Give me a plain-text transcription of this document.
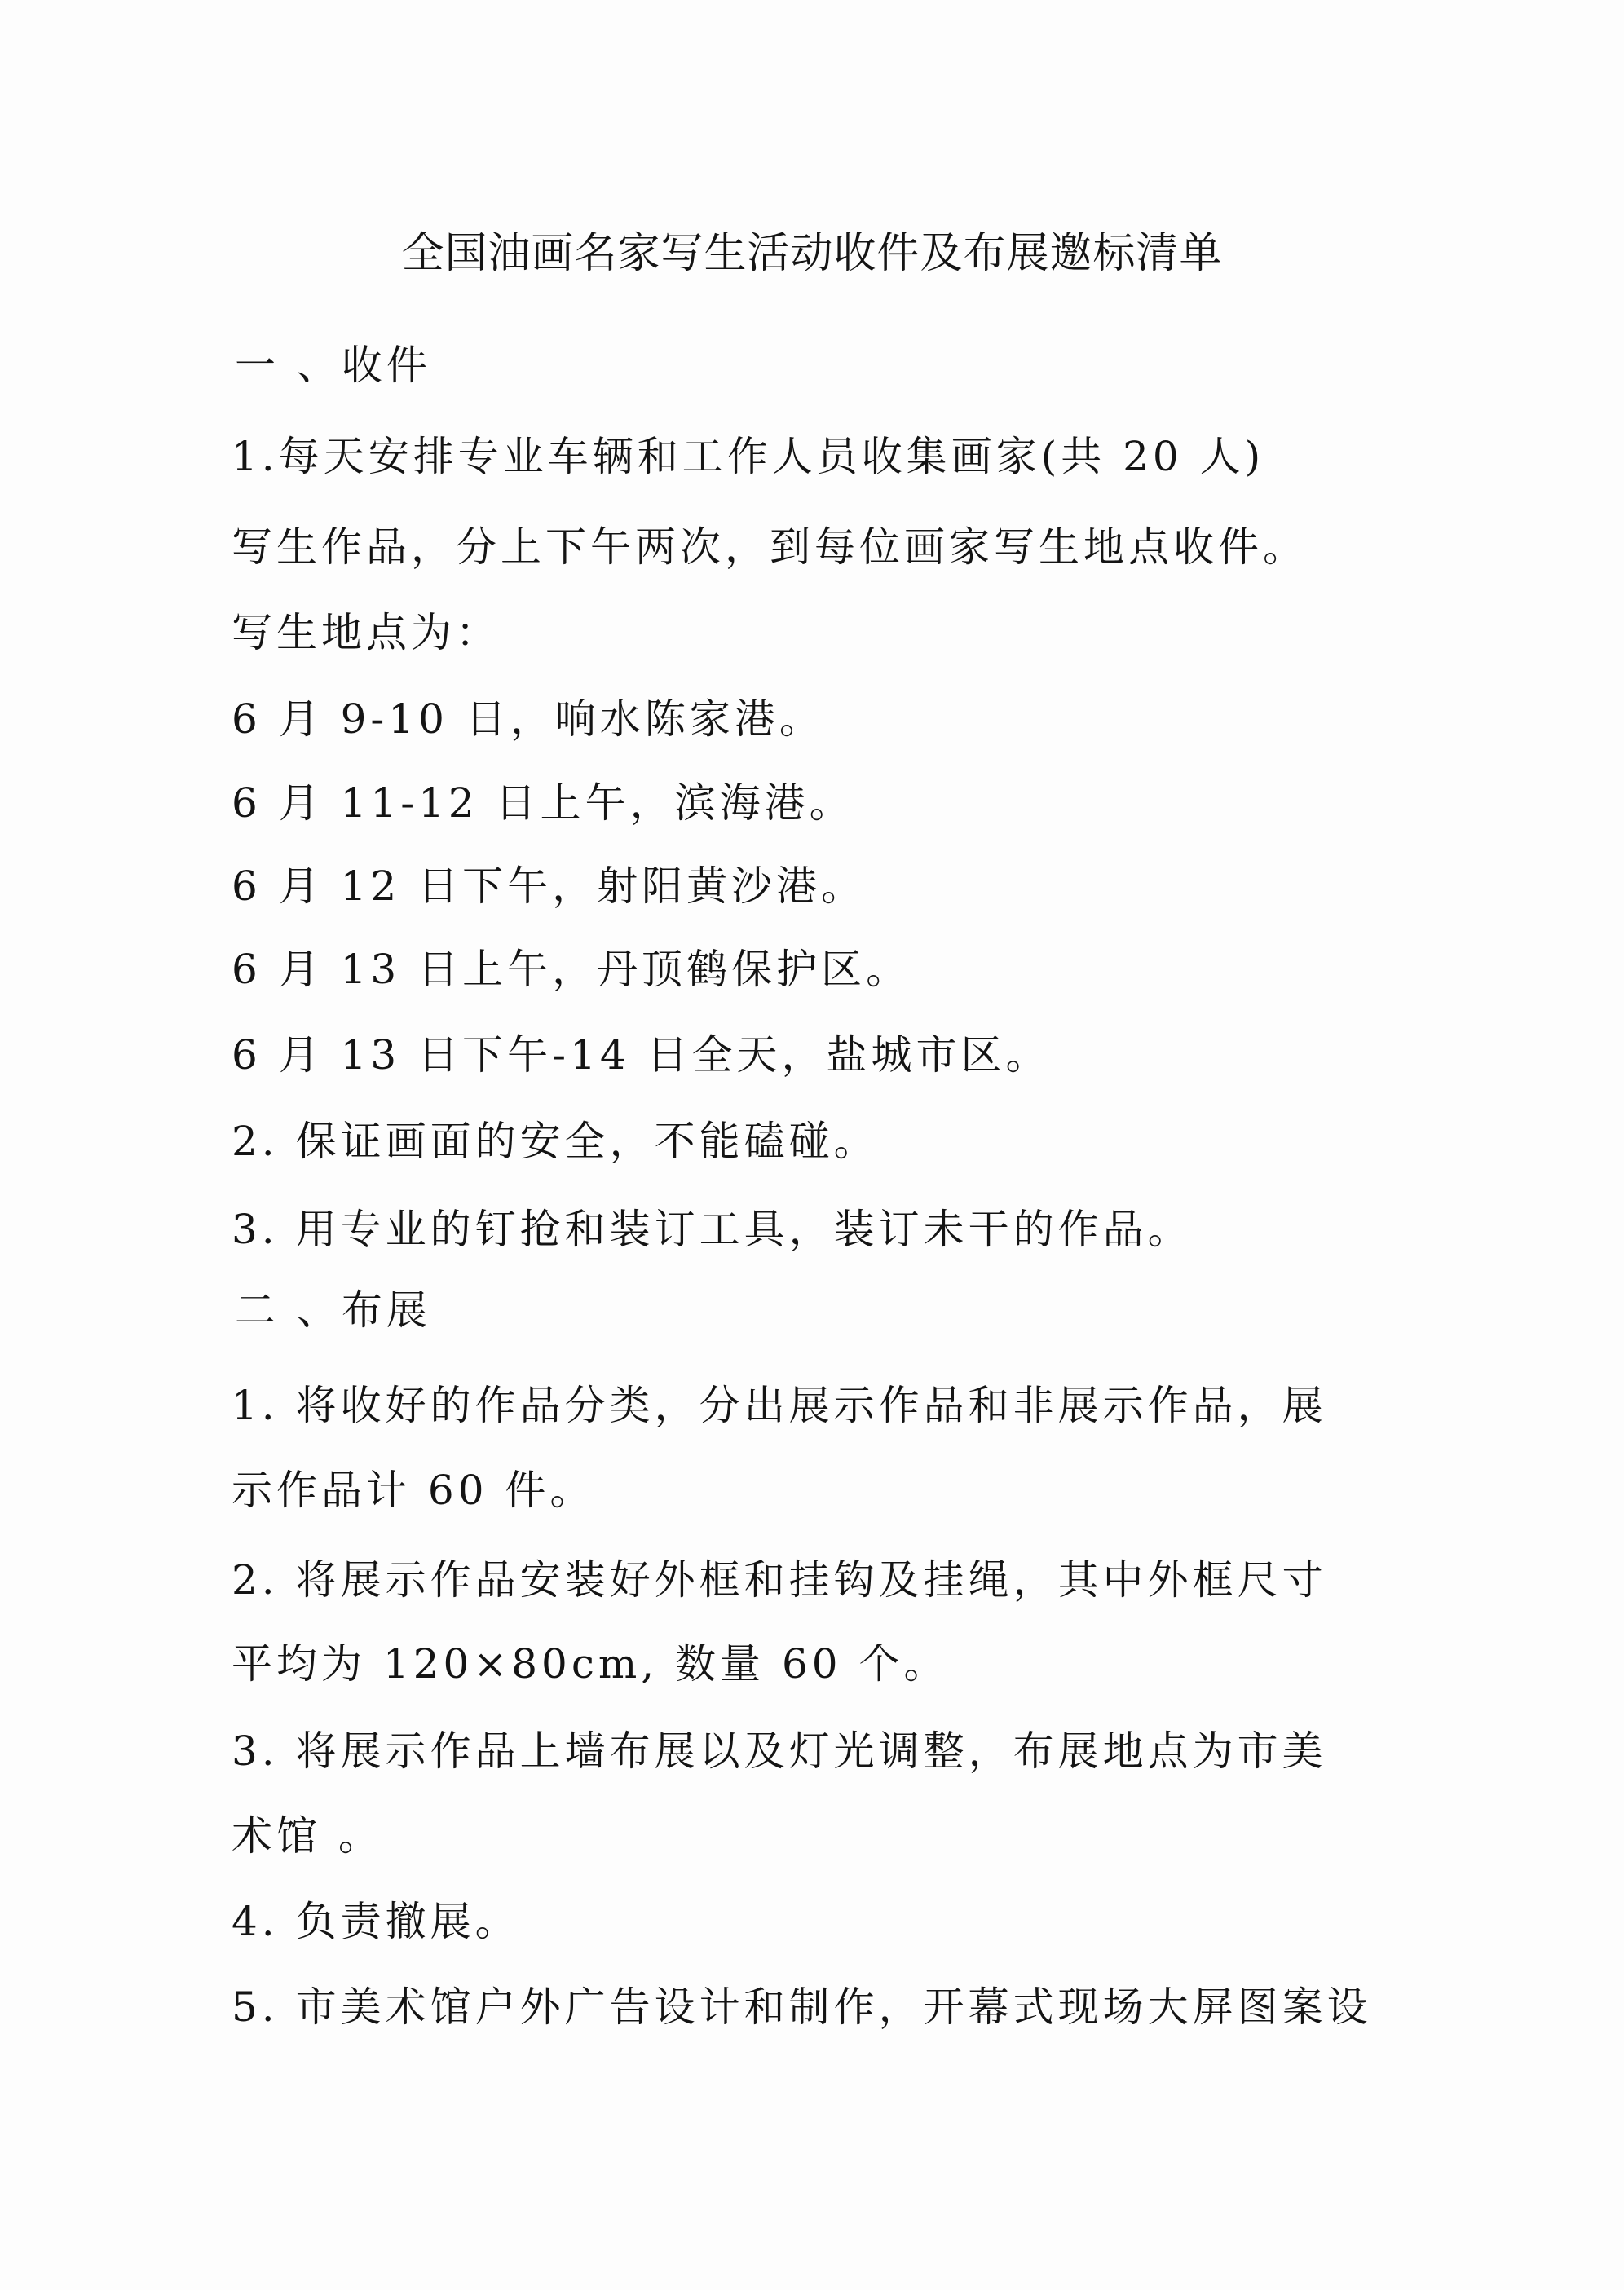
全国油画名家写生活动收件及布展邀标清单
一 、收件
1.每天安排专业车辆和工作人员收集画家(共 20 人)
写生作品，分上下午两次，到每位画家写生地点收件。
写生地点为：
6 月 9-10 日，响水陈家港。
6 月 11-12 日上午，滨海港。
6 月 12 日下午，射阳黄沙港。
6 月 13 日上午，丹顶鹤保护区。
6 月 13 日下午-14 日全天，盐城市区。
2. 保证画面的安全，不能磕碰。
3. 用专业的钉抢和装订工具，装订未干的作品。
二 、布展
1. 将收好的作品分类，分出展示作品和非展示作品，展
示作品计 60 件。
2. 将展示作品安装好外框和挂钩及挂绳，其中外框尺寸
平均为 120×80cm, 数量 60 个。
3. 将展示作品上墙布展以及灯光调整，布展地点为市美
术馆 。
4. 负责撤展。
5. 市美术馆户外广告设计和制作，开幕式现场大屏图案设
